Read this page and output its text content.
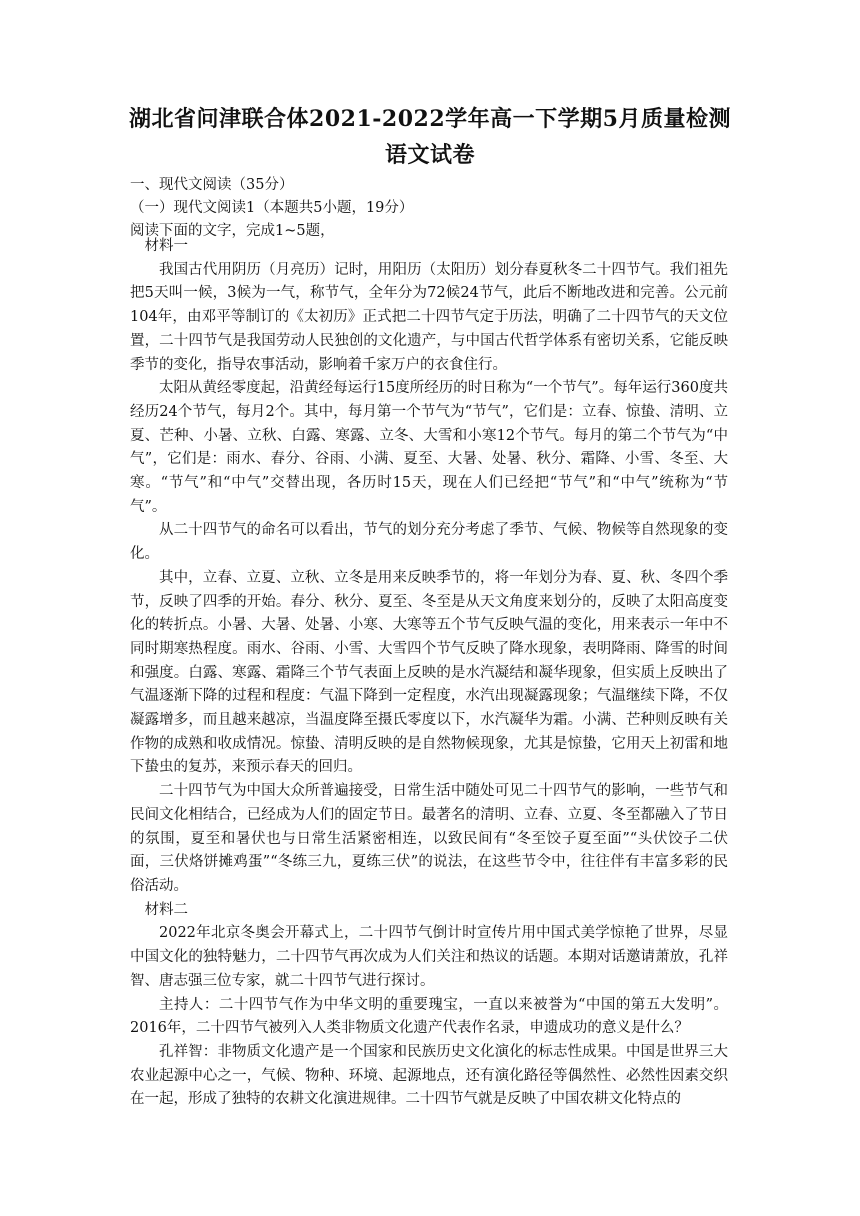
湖北省问津联合体2021-2022学年高一下学期5月质量检测
语文试卷
一、现代文阅读（35分）
（一）现代文阅读1（本题共5小题，19分）
阅读下面的文字，完成1~5题，

材料一

我国古代用阴历（月亮历）记时，用阳历（太阳历）划分春夏秋冬二十四节气。我们祖先把5天叫一候，3候为一气，称节气，全年分为72候24节气，此后不断地改进和完善。公元前104年，由邓平等制订的《太初历》正式把二十四节气定于历法，明确了二十四节气的天文位置，二十四节气是我国劳动人民独创的文化遗产，与中国古代哲学体系有密切关系，它能反映季节的变化，指导农事活动，影响着千家万户的衣食住行。

太阳从黄经零度起，沿黄经每运行15度所经历的时日称为“一个节气”。每年运行360度共经历24个节气，每月2个。其中，每月第一个节气为“节气”，它们是：立春、惊蛰、清明、立夏、芒种、小暑、立秋、白露、寒露、立冬、大雪和小寒12个节气。每月的第二个节气为“中气”，它们是：雨水、春分、谷雨、小满、夏至、大暑、处暑、秋分、霜降、小雪、冬至、大寒。“节气”和“中气”交替出现，各历时15天，现在人们已经把“节气”和“中气”统称为“节气”。

从二十四节气的命名可以看出，节气的划分充分考虑了季节、气候、物候等自然现象的变化。

其中，立春、立夏、立秋、立冬是用来反映季节的，将一年划分为春、夏、秋、冬四个季节，反映了四季的开始。春分、秋分、夏至、冬至是从天文角度来划分的，反映了太阳高度变化的转折点。小暑、大暑、处暑、小寒、大寒等五个节气反映气温的变化，用来表示一年中不同时期寒热程度。雨水、谷雨、小雪、大雪四个节气反映了降水现象，表明降雨、降雪的时间和强度。白露、寒露、霜降三个节气表面上反映的是水汽凝结和凝华现象，但实质上反映出了气温逐渐下降的过程和程度：气温下降到一定程度，水汽出现凝露现象；气温继续下降，不仅凝露增多，而且越来越凉，当温度降至摄氏零度以下，水汽凝华为霜。小满、芒种则反映有关作物的成熟和收成情况。惊蛰、清明反映的是自然物候现象，尤其是惊蛰，它用天上初雷和地下蛰虫的复苏，来预示春天的回归。

二十四节气为中国大众所普遍接受，日常生活中随处可见二十四节气的影响，一些节气和民间文化相结合，已经成为人们的固定节日。最著名的清明、立春、立夏、冬至都融入了节日的氛围，夏至和暑伏也与日常生活紧密相连，以致民间有“冬至饺子夏至面”“头伏饺子二伏面，三伏烙饼摊鸡蛋”“冬练三九，夏练三伏”的说法，在这些节令中，往往伴有丰富多彩的民俗活动。

材料二

2022年北京冬奥会开幕式上，二十四节气倒计时宣传片用中国式美学惊艳了世界，尽显中国文化的独特魅力，二十四节气再次成为人们关注和热议的话题。本期对话邀请萧放，孔祥智、唐志强三位专家，就二十四节气进行探讨。

主持人：二十四节气作为中华文明的重要瑰宝，一直以来被誉为“中国的第五大发明”。2016年，二十四节气被列入人类非物质文化遗产代表作名录，申遗成功的意义是什么？

孔祥智：非物质文化遗产是一个国家和民族历史文化演化的标志性成果。中国是世界三大农业起源中心之一，气候、物种、环境、起源地点，还有演化路径等偶然性、必然性因素交织在一起，形成了独特的农耕文化演进规律。二十四节气就是反映了中国农耕文化特点的
